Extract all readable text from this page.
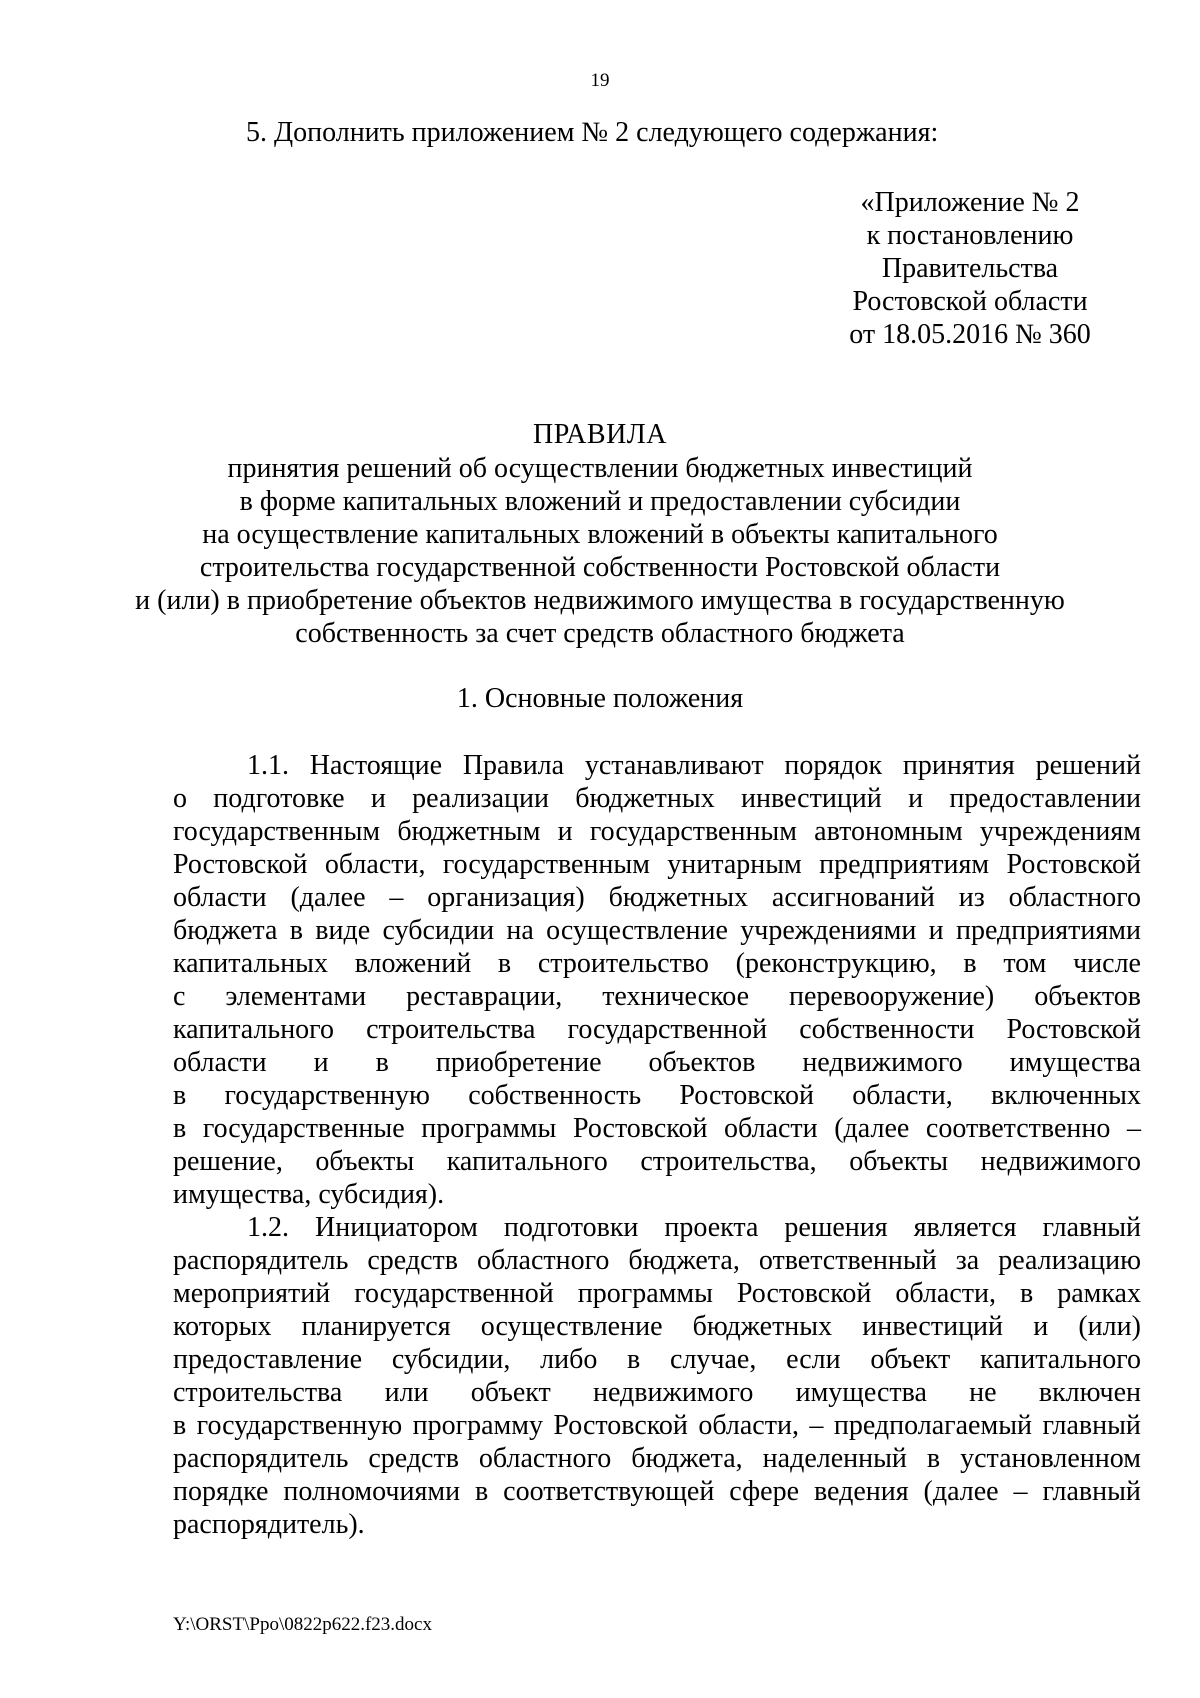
19
5. Дополнить приложением № 2 следующего содержания:
«Приложение № 2
к постановлению
Правительства
Ростовской области
от 18.05.2016 № 360
ПРАВИЛА
принятия решений об осуществлении бюджетных инвестиций
в форме капитальных вложений и предоставлении субсидии
на осуществление капитальных вложений в объекты капитального
строительства государственной собственности Ростовской области
и (или) в приобретение объектов недвижимого имущества в государственную
собственность за счет средств областного бюджета
1. Основные положения
1.1. Настоящие Правила устанавливают порядок принятия решений
о подготовке и реализации бюджетных инвестиций и предоставлении
государственным бюджетным и государственным автономным учреждениям
Ростовской области, государственным унитарным предприятиям Ростовской
области (далее – организация) бюджетных ассигнований из областного
бюджета в виде субсидии на осуществление учреждениями и предприятиями
капитальных вложений в строительство (реконструкцию, в том числе
с элементами реставрации, техническое перевооружение) объектов
капитального строительства государственной собственности Ростовской
области и в приобретение объектов недвижимого имущества
в государственную собственность Ростовской области, включенных
в государственные программы Ростовской области (далее соответственно –
решение, объекты капитального строительства, объекты недвижимого
имущества, субсидия).
1.2. Инициатором подготовки проекта решения является главный
распорядитель средств областного бюджета, ответственный за реализацию
мероприятий государственной программы Ростовской области, в рамках
которых планируется осуществление бюджетных инвестиций и (или)
предоставление субсидии, либо в случае, если объект капитального
строительства или объект недвижимого имущества не включен
в государственную программу Ростовской области, – предполагаемый главный
распорядитель средств областного бюджета, наделенный в установленном
порядке полномочиями в соответствующей сфере ведения (далее – главный
распорядитель).
Y:\ORST\Ppo\0822p622.f23.docx
